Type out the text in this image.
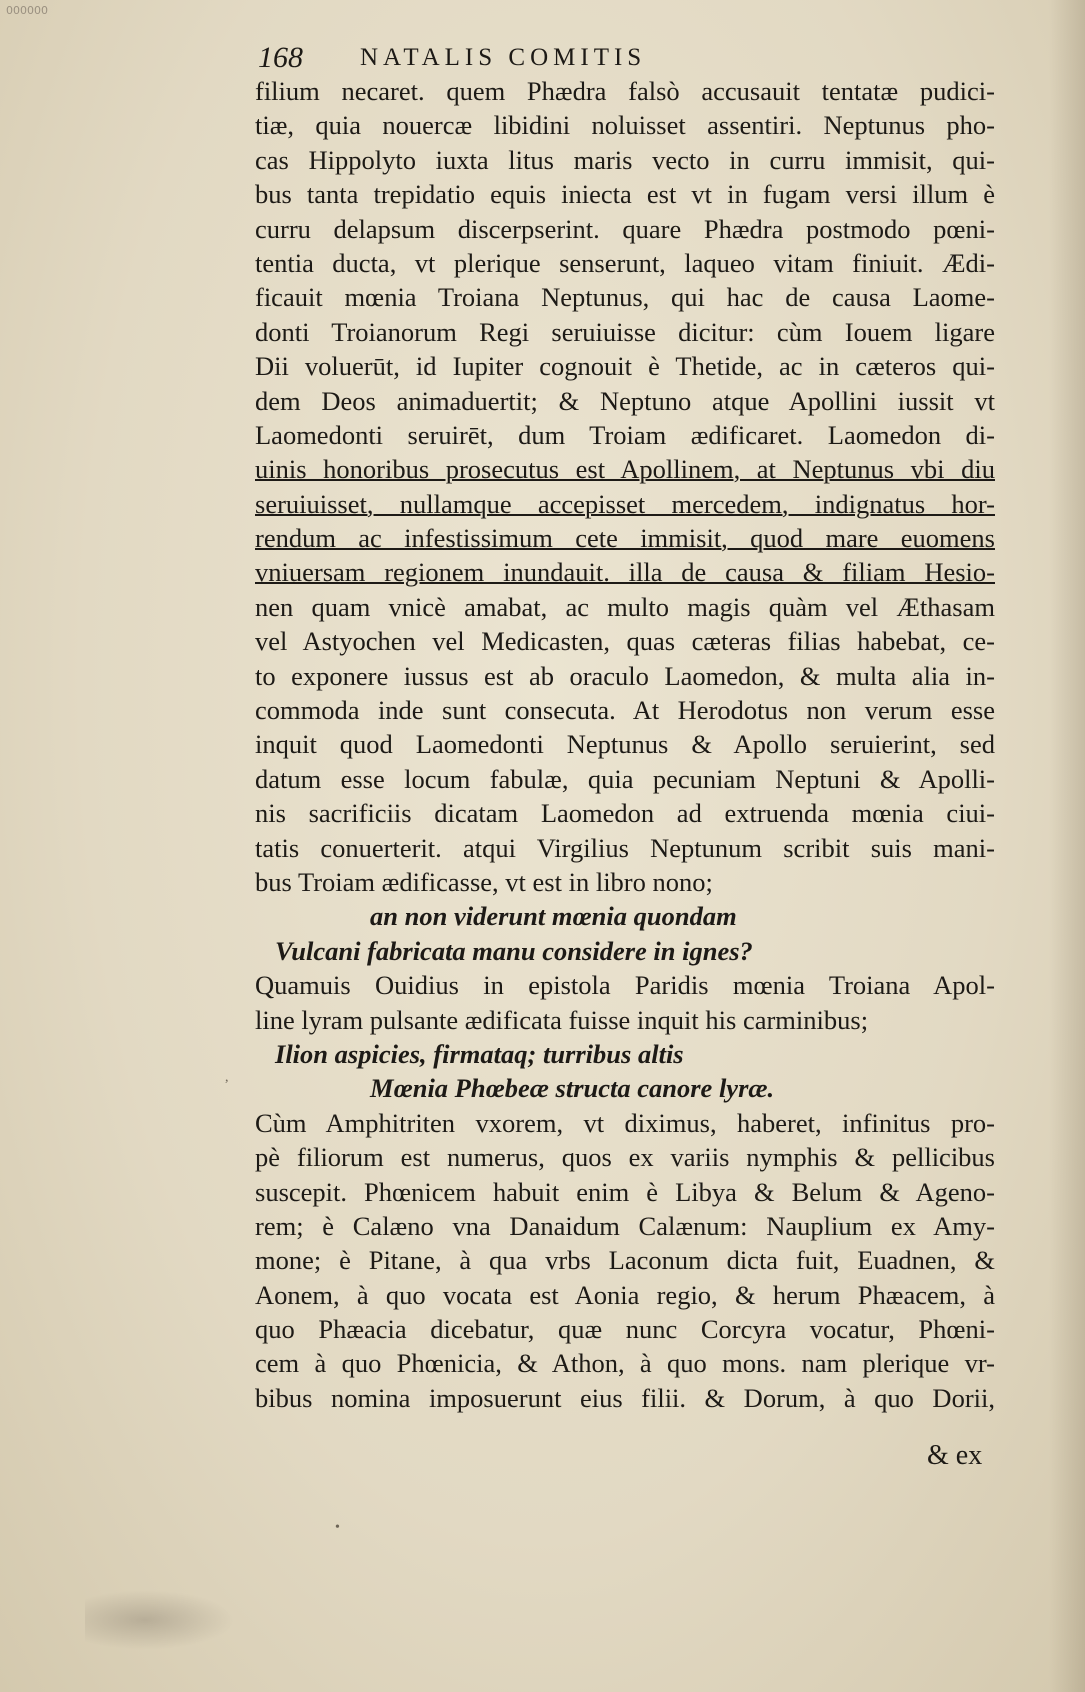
000000
168	NATALIS COMITIS
filium necaret. quem Phædra falsò accusauit tentatæ pudici-
tiæ, quia nouercæ libidini noluisset assentiri. Neptunus pho-
cas Hippolyto iuxta litus maris vecto in curru immisit, qui-
bus tanta trepidatio equis iniecta est vt in fugam versi illum è
curru delapsum discerpserint. quare Phædra postmodo pœni-
tentia ducta, vt plerique senserunt, laqueo vitam finiuit. Ædi-
ficauit mœnia Troiana Neptunus, qui hac de causa Laome-
donti Troianorum Regi seruiuisse dicitur: cùm Iouem ligare
Dii voluerūt, id Iupiter cognouit è Thetide, ac in cæteros qui-
dem Deos animaduertit; & Neptuno atque Apollini iussit vt
Laomedonti seruirēt, dum Troiam ædificaret. Laomedon di-
uinis honoribus prosecutus est Apollinem, at Neptunus vbi diu
seruiuisset, nullamque accepisset mercedem, indignatus hor-
rendum ac infestissimum cete immisit, quod mare euomens
vniuersam regionem inundauit. illa de causa & filiam Hesio-
nen quam vnicè amabat, ac multo magis quàm vel Æthasam
vel Astyochen vel Medicasten, quas cæteras filias habebat, ce-
to exponere iussus est ab oraculo Laomedon, & multa alia in-
commoda inde sunt consecuta. At Herodotus non verum esse
inquit quod Laomedonti Neptunus & Apollo seruierint, sed
datum esse locum fabulæ, quia pecuniam Neptuni & Apolli-
nis sacrificiis dicatam Laomedon ad extruenda mœnia ciui-
tatis conuerterit. atqui Virgilius Neptunum scribit suis mani-
bus Troiam ædificasse, vt est in libro nono;
an non viderunt mœnia quondam
Vulcani fabricata manu considere in ignes?
Quamuis Ouidius in epistola Paridis mœnia Troiana Apol-
line lyram pulsante ædificata fuisse inquit his carminibus;
Ilion aspicies, firmataq; turribus altis
Mœnia Phœbeæ structa canore lyræ.
Cùm Amphitriten vxorem, vt diximus, haberet, infinitus pro-
pè filiorum est numerus, quos ex variis nymphis & pellicibus
suscepit. Phœnicem habuit enim è Libya & Belum & Ageno-
rem; è Calæno vna Danaidum Calænum: Nauplium ex Amy-
mone; è Pitane, à qua vrbs Laconum dicta fuit, Euadnen, &
Aonem, à quo vocata est Aonia regio, & herum Phæacem, à
quo Phæacia dicebatur, quæ nunc Corcyra vocatur, Phœni-
cem à quo Phœnicia, & Athon, à quo mons. nam plerique vr-
bibus nomina imposuerunt eius filii. & Dorum, à quo Dorii,
& ex
,
•
